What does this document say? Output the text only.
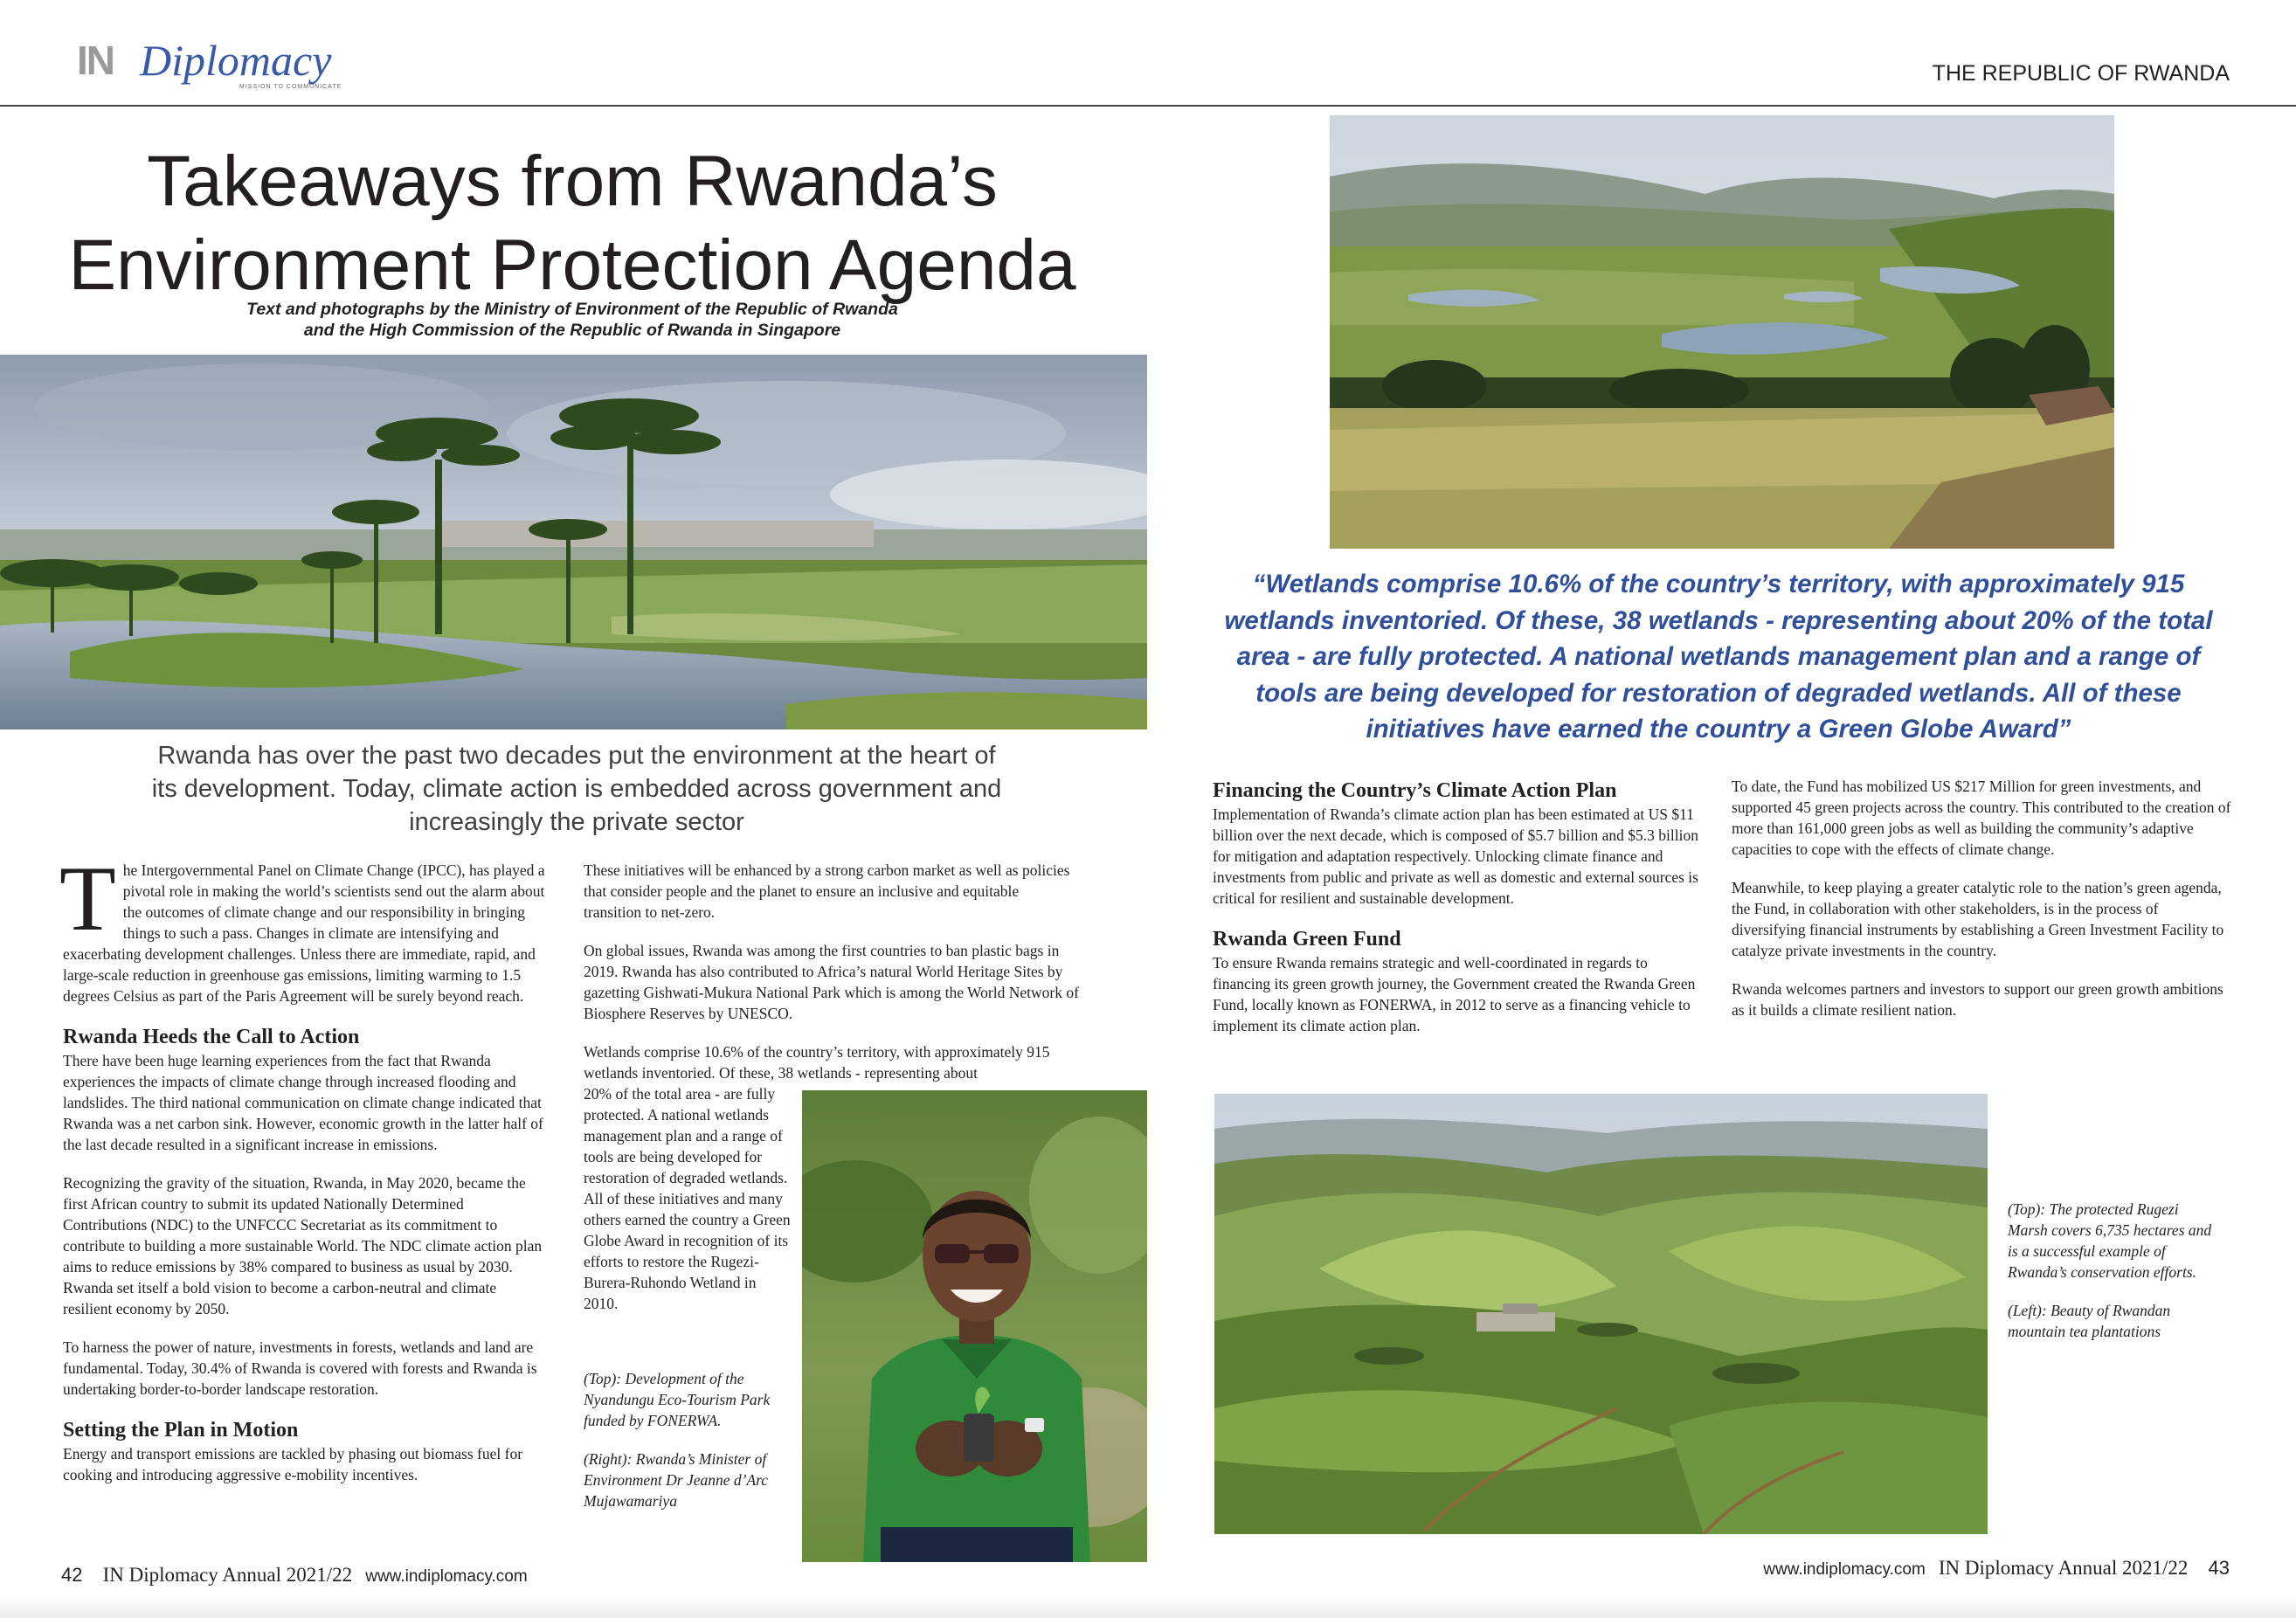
IN Diplomacy
MISSION TO COMMUNICATE
THE REPUBLIC OF RWANDA
Takeaways from Rwanda’s
Environment Protection Agenda
Text and photographs by the Ministry of Environment of the Republic of Rwanda
and the High Commission of the Republic of Rwanda in Singapore
Rwanda has over the past two decades put the environment at the heart of
its development. Today, climate action is embedded across government and
increasingly the private sector

T he Intergovernmental Panel on Climate Change (IPCC), has played a pivotal role in making the world’s scientists send out the alarm about the outcomes of climate change and our responsibility in bringing things to such a pass. Changes in climate are intensifying and exacerbating development challenges. Unless there are immediate, rapid, and large-scale reduction in greenhouse gas emissions, limiting warming to 1.5 degrees Celsius as part of the Paris Agreement will be surely beyond reach.

Rwanda Heeds the Call to Action

There have been huge learning experiences from the fact that Rwanda experiences the impacts of climate change through increased flooding and landslides. The third national communication on climate change indicated that Rwanda was a net carbon sink. However, economic growth in the latter half of the last decade resulted in a significant increase in emissions.

Recognizing the gravity of the situation, Rwanda, in May 2020, became the first African country to submit its updated Nationally Determined Contributions (NDC) to the UNFCCC Secretariat as its commitment to contribute to building a more sustainable World. The NDC climate action plan aims to reduce emissions by 38% compared to business as usual by 2030. Rwanda set itself a bold vision to become a carbon-neutral and climate resilient economy by 2050.

To harness the power of nature, investments in forests, wetlands and land are fundamental. Today, 30.4% of Rwanda is covered with forests and Rwanda is undertaking border-to-border landscape restoration.

Setting the Plan in Motion

Energy and transport emissions are tackled by phasing out biomass fuel for cooking and introducing aggressive e-mobility incentives.

These initiatives will be enhanced by a strong carbon market as well as policies that consider people and the planet to ensure an inclusive and equitable transition to net-zero.

On global issues, Rwanda was among the first countries to ban plastic bags in 2019. Rwanda has also contributed to Africa’s natural World Heritage Sites by gazetting Gishwati-Mukura National Park which is among the World Network of Biosphere Reserves by UNESCO.

Wetlands comprise 10.6% of the country’s territory, with approximately 915 wetlands inventoried. Of these, 38 wetlands - representing about
20% of the total area - are fully protected. A national wetlands management plan and a range of tools are being developed for restoration of degraded wetlands. All of these initiatives and many others earned the country a Green Globe Award in recognition of its efforts to restore the Rugezi-Burera-Ruhondo Wetland in 2010.

(Top): Development of the Nyandungu Eco-Tourism Park funded by FONERWA.

(Right): Rwanda’s Minister of Environment Dr Jeanne d’Arc Mujawamariya

“Wetlands comprise 10.6% of the country’s territory, with approximately 915 wetlands inventoried. Of these, 38 wetlands - representing about 20% of the total area - are fully protected. A national wetlands management plan and a range of tools are being developed for restoration of degraded wetlands. All of these initiatives have earned the country a Green Globe Award”
Financing the Country’s Climate Action Plan

Implementation of Rwanda’s climate action plan has been estimated at US $11 billion over the next decade, which is composed of $5.7 billion and $5.3 billion for mitigation and adaptation respectively. Unlocking climate finance and investments from public and private as well as domestic and external sources is critical for resilient and sustainable development.

Rwanda Green Fund

To ensure Rwanda remains strategic and well-coordinated in regards to financing its green growth journey, the Government created the Rwanda Green Fund, locally known as FONERWA, in 2012 to serve as a financing vehicle to implement its climate action plan.

To date, the Fund has mobilized US $217 Million for green investments, and supported 45 green projects across the country. This contributed to the creation of more than 161,000 green jobs as well as building the community’s adaptive capacities to cope with the effects of climate change.

Meanwhile, to keep playing a greater catalytic role to the nation’s green agenda, the Fund, in collaboration with other stakeholders, is in the process of diversifying financial instruments by establishing a Green Investment Facility to catalyze private investments in the country.

Rwanda welcomes partners and investors to support our green growth ambitions as it builds a climate resilient nation.

(Top): The protected Rugezi Marsh covers 6,735 hectares and is a successful example of Rwanda’s conservation efforts.

(Left): Beauty of Rwandan mountain tea plantations

42 IN Diplomacy Annual 2021/22 www.indiplomacy.com	www.indiplomacy.com IN Diplomacy Annual 2021/22 43
